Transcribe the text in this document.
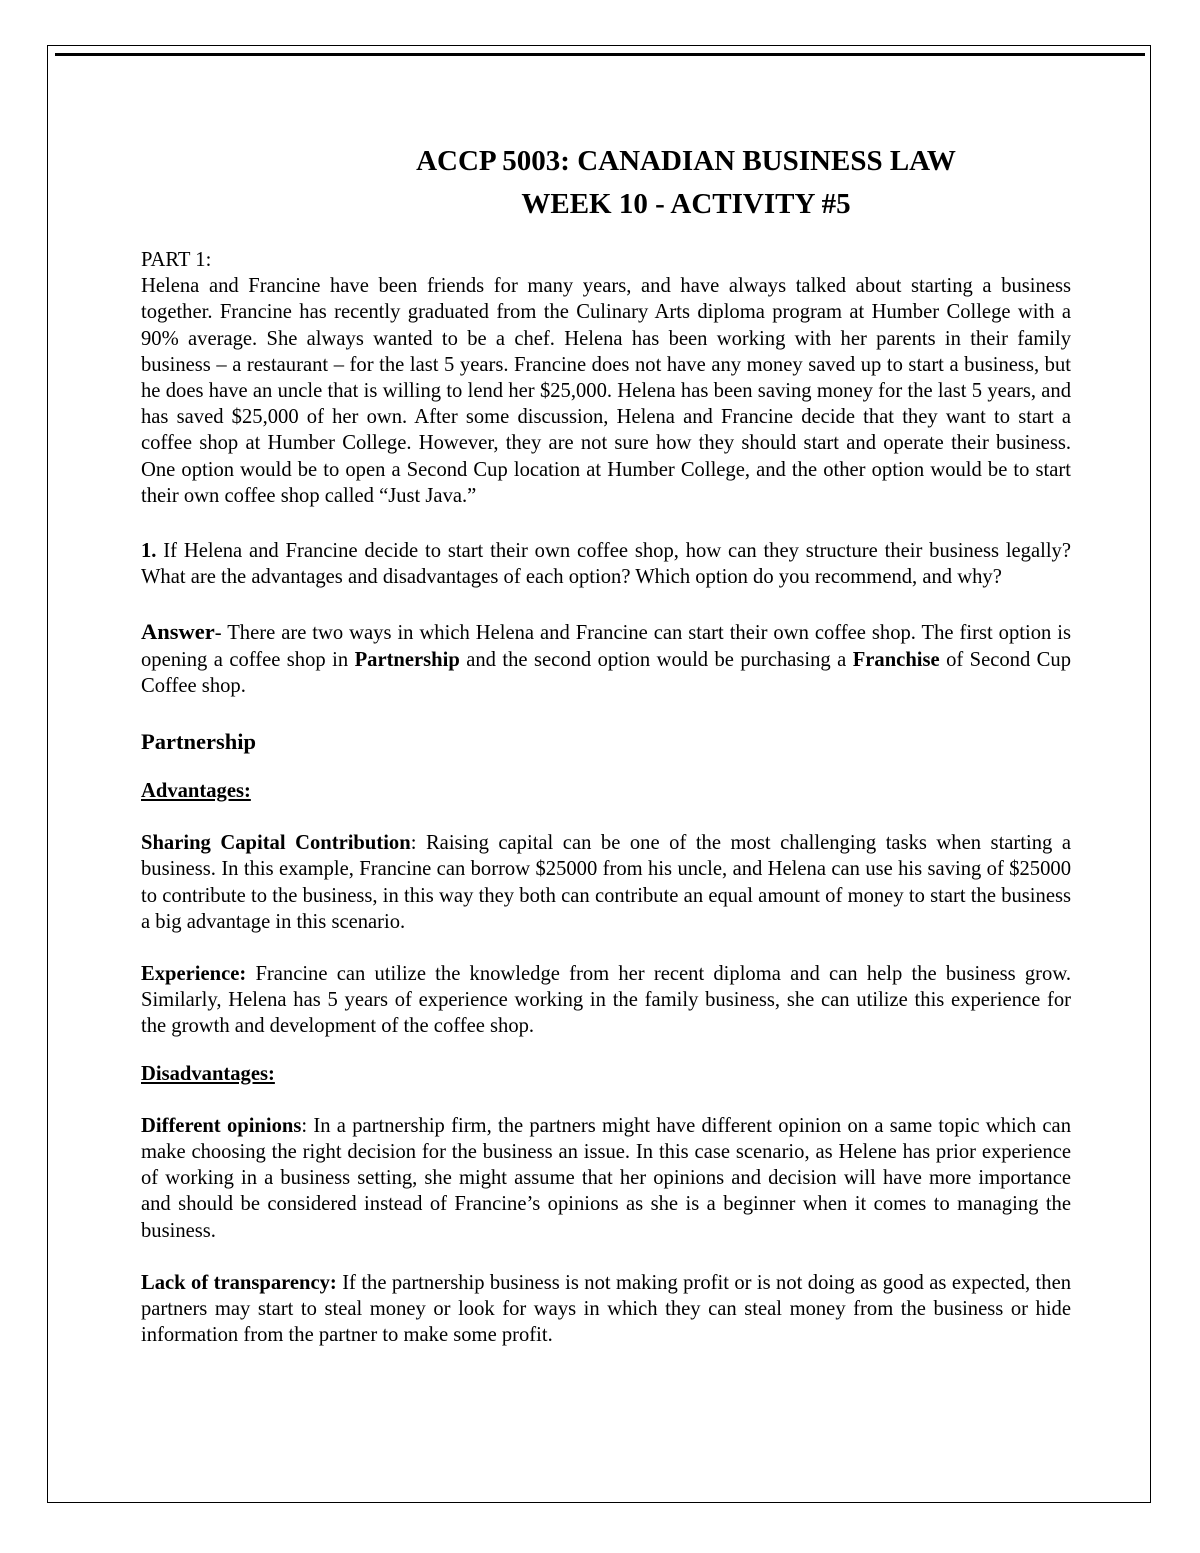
ACCP 5003: CANADIAN BUSINESS LAW
WEEK 10 - ACTIVITY #5
PART 1:

Helena and Francine have been friends for many years, and have always talked about starting a business together. Francine has recently graduated from the Culinary Arts diploma program at Humber College with a 90% average. She always wanted to be a chef. Helena has been working with her parents in their family business – a restaurant – for the last 5 years. Francine does not have any money saved up to start a business, but he does have an uncle that is willing to lend her $25,000. Helena has been saving money for the last 5 years, and has saved $25,000 of her own. After some discussion, Helena and Francine decide that they want to start a coffee shop at Humber College. However, they are not sure how they should start and operate their business. One option would be to open a Second Cup location at Humber College, and the other option would be to start their own coffee shop called “Just Java.”

1. If Helena and Francine decide to start their own coffee shop, how can they structure their business legally? What are the advantages and disadvantages of each option? Which option do you recommend, and why?

Answer- There are two ways in which Helena and Francine can start their own coffee shop. The first option is opening a coffee shop in Partnership and the second option would be purchasing a Franchise of Second Cup Coffee shop.

Partnership
Advantages:

Sharing Capital Contribution: Raising capital can be one of the most challenging tasks when starting a business. In this example, Francine can borrow $25000 from his uncle, and Helena can use his saving of $25000 to contribute to the business, in this way they both can contribute an equal amount of money to start the business a big advantage in this scenario.

Experience: Francine can utilize the knowledge from her recent diploma and can help the business grow. Similarly, Helena has 5 years of experience working in the family business, she can utilize this experience for the growth and development of the coffee shop.

Disadvantages:

Different opinions: In a partnership firm, the partners might have different opinion on a same topic which can make choosing the right decision for the business an issue. In this case scenario, as Helene has prior experience of working in a business setting, she might assume that her opinions and decision will have more importance and should be considered instead of Francine’s opinions as she is a beginner when it comes to managing the business.

Lack of transparency: If the partnership business is not making profit or is not doing as good as expected, then partners may start to steal money or look for ways in which they can steal money from the business or hide information from the partner to make some profit.
